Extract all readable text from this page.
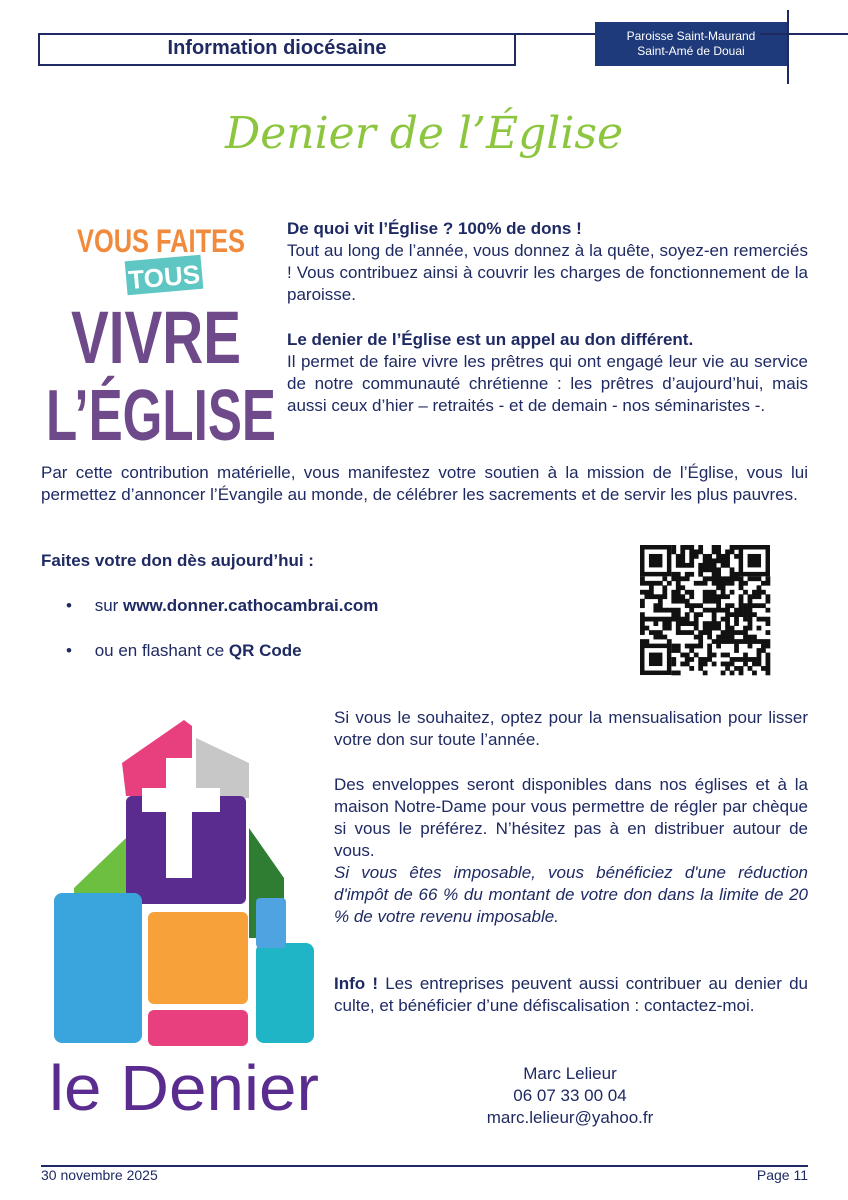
Information diocésaine
Paroisse Saint-Maurand
Saint-Amé de Douai
Denier de l’Église
VOUS FAITES
TOUS
VIVRE
L’ÉGLISE
De quoi vit l’Église ? 100% de dons !
Tout au long de l’année, vous donnez à la quête, soyez-en remerciés ! Vous contribuez ainsi à couvrir les charges de fonctionnement de la paroisse.
Le denier de l’Église est un appel au don différent.
Il permet de faire vivre les prêtres qui ont engagé leur vie au service de notre communauté chrétienne : les prêtres d’aujourd’hui, mais aussi ceux d’hier – retraités - et de demain - nos séminaristes -.
Par cette contribution matérielle, vous manifestez votre soutien à la mission de l’Église, vous lui permettez d’annoncer l’Évangile au monde, de célébrer les sacrements et de servir les plus pauvres.
Faites votre don dès aujourd’hui :
• sur www.donner.cathocambrai.com
• ou en flashant ce QR Code
le Denier
Si vous le souhaitez, optez pour la mensualisation pour lisser votre don sur toute l’année.
Des enveloppes seront disponibles dans nos églises et à la maison Notre-Dame pour vous permettre de régler par chèque si vous le préférez. N’hésitez pas à en distribuer autour de vous.
Si vous êtes imposable, vous bénéficiez d'une réduction d'impôt de 66 % du montant de votre don dans la limite de 20 % de votre revenu imposable.
Info ! Les entreprises peuvent aussi contribuer au denier du culte, et bénéficier d’une défiscalisation : contactez-moi.
Marc Lelieur
06 07 33 00 04
marc.lelieur@yahoo.fr
30 novembre 2025	Page 11
